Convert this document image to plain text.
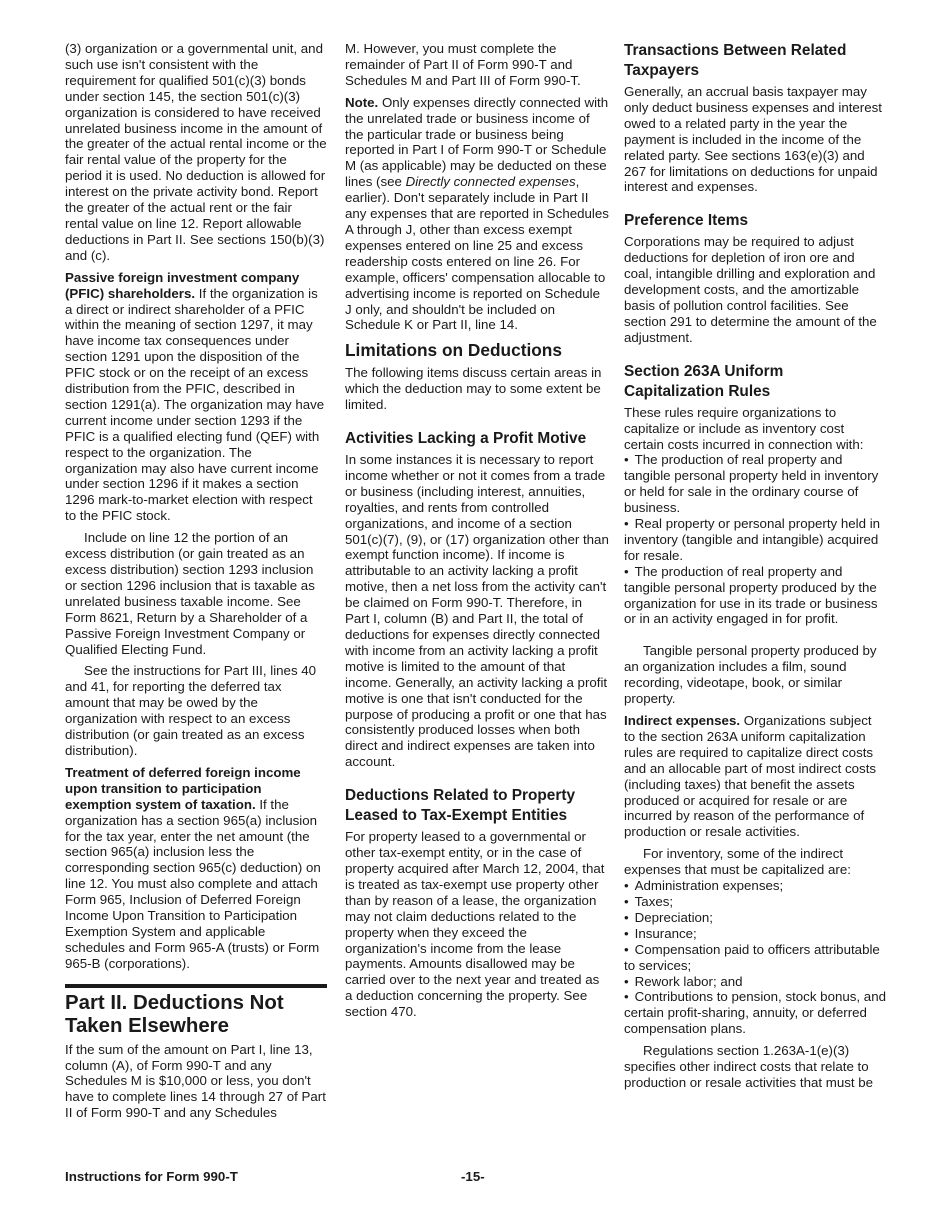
(3) organization or a governmental unit, and such use isn't consistent with the requirement for qualified 501(c)(3) bonds under section 145, the section 501(c)(3) organization is considered to have received unrelated business income in the amount of the greater of the actual rental income or the fair rental value of the property for the period it is used. No deduction is allowed for interest on the private activity bond. Report the greater of the actual rent or the fair rental value on line 12. Report allowable deductions in Part II. See sections 150(b)(3) and (c).

Passive foreign investment company (PFIC) shareholders. If the organization is a direct or indirect shareholder of a PFIC within the meaning of section 1297, it may have income tax consequences under section 1291 upon the disposition of the PFIC stock or on the receipt of an excess distribution from the PFIC, described in section 1291(a). The organization may have current income under section 1293 if the PFIC is a qualified electing fund (QEF) with respect to the organization. The organization may also have current income under section 1296 if it makes a section 1296 mark-to-market election with respect to the PFIC stock.

Include on line 12 the portion of an excess distribution (or gain treated as an excess distribution) section 1293 inclusion or section 1296 inclusion that is taxable as unrelated business taxable income. See Form 8621, Return by a Shareholder of a Passive Foreign Investment Company or Qualified Electing Fund.

See the instructions for Part III, lines 40 and 41, for reporting the deferred tax amount that may be owed by the organization with respect to an excess distribution (or gain treated as an excess distribution).

Treatment of deferred foreign income upon transition to participation exemption system of taxation. If the organization has a section 965(a) inclusion for the tax year, enter the net amount (the section 965(a) inclusion less the corresponding section 965(c) deduction) on line 12. You must also complete and attach Form 965, Inclusion of Deferred Foreign Income Upon Transition to Participation Exemption System and applicable schedules and Form 965-A (trusts) or Form 965-B (corporations).

Part II. Deductions Not Taken Elsewhere

If the sum of the amount on Part I, line 13, column (A), of Form 990-T and any Schedules M is $10,000 or less, you don't have to complete lines 14 through 27 of Part II of Form 990-T and any Schedules

M. However, you must complete the remainder of Part II of Form 990-T and Schedules M and Part III of Form 990-T.

Note. Only expenses directly connected with the unrelated trade or business income of the particular trade or business being reported in Part I of Form 990-T or Schedule M (as applicable) may be deducted on these lines (see Directly connected expenses, earlier). Don't separately include in Part II any expenses that are reported in Schedules A through J, other than excess exempt expenses entered on line 25 and excess readership costs entered on line 26. For example, officers' compensation allocable to advertising income is reported on Schedule J only, and shouldn't be included on Schedule K or Part II, line 14.

Limitations on Deductions

The following items discuss certain areas in which the deduction may to some extent be limited.

Activities Lacking a Profit Motive

In some instances it is necessary to report income whether or not it comes from a trade or business (including interest, annuities, royalties, and rents from controlled organizations, and income of a section 501(c)(7), (9), or (17) organization other than exempt function income). If income is attributable to an activity lacking a profit motive, then a net loss from the activity can't be claimed on Form 990-T. Therefore, in Part I, column (B) and Part II, the total of deductions for expenses directly connected with income from an activity lacking a profit motive is limited to the amount of that income. Generally, an activity lacking a profit motive is one that isn't conducted for the purpose of producing a profit or one that has consistently produced losses when both direct and indirect expenses are taken into account.

Deductions Related to Property Leased to Tax-Exempt Entities

For property leased to a governmental or other tax-exempt entity, or in the case of property acquired after March 12, 2004, that is treated as tax-exempt use property other than by reason of a lease, the organization may not claim deductions related to the property when they exceed the organization's income from the lease payments. Amounts disallowed may be carried over to the next year and treated as a deduction concerning the property. See section 470.

Transactions Between Related Taxpayers

Generally, an accrual basis taxpayer may only deduct business expenses and interest owed to a related party in the year the payment is included in the income of the related party. See sections 163(e)(3) and 267 for limitations on deductions for unpaid interest and expenses.

Preference Items

Corporations may be required to adjust deductions for depletion of iron ore and coal, intangible drilling and exploration and development costs, and the amortizable basis of pollution control facilities. See section 291 to determine the amount of the adjustment.

Section 263A Uniform Capitalization Rules

These rules require organizations to capitalize or include as inventory cost certain costs incurred in connection with:

• The production of real property and tangible personal property held in inventory or held for sale in the ordinary course of business.
• Real property or personal property held in inventory (tangible and intangible) acquired for resale.
• The production of real property and tangible personal property produced by the organization for use in its trade or business or in an activity engaged in for profit.

Tangible personal property produced by an organization includes a film, sound recording, videotape, book, or similar property.

Indirect expenses. Organizations subject to the section 263A uniform capitalization rules are required to capitalize direct costs and an allocable part of most indirect costs (including taxes) that benefit the assets produced or acquired for resale or are incurred by reason of the performance of production or resale activities.

For inventory, some of the indirect expenses that must be capitalized are:

• Administration expenses;
• Taxes;
• Depreciation;
• Insurance;
• Compensation paid to officers attributable to services;
• Rework labor; and
• Contributions to pension, stock bonus, and certain profit-sharing, annuity, or deferred compensation plans.

Regulations section 1.263A-1(e)(3) specifies other indirect costs that relate to production or resale activities that must be

Instructions for Form 990-T	-15-
